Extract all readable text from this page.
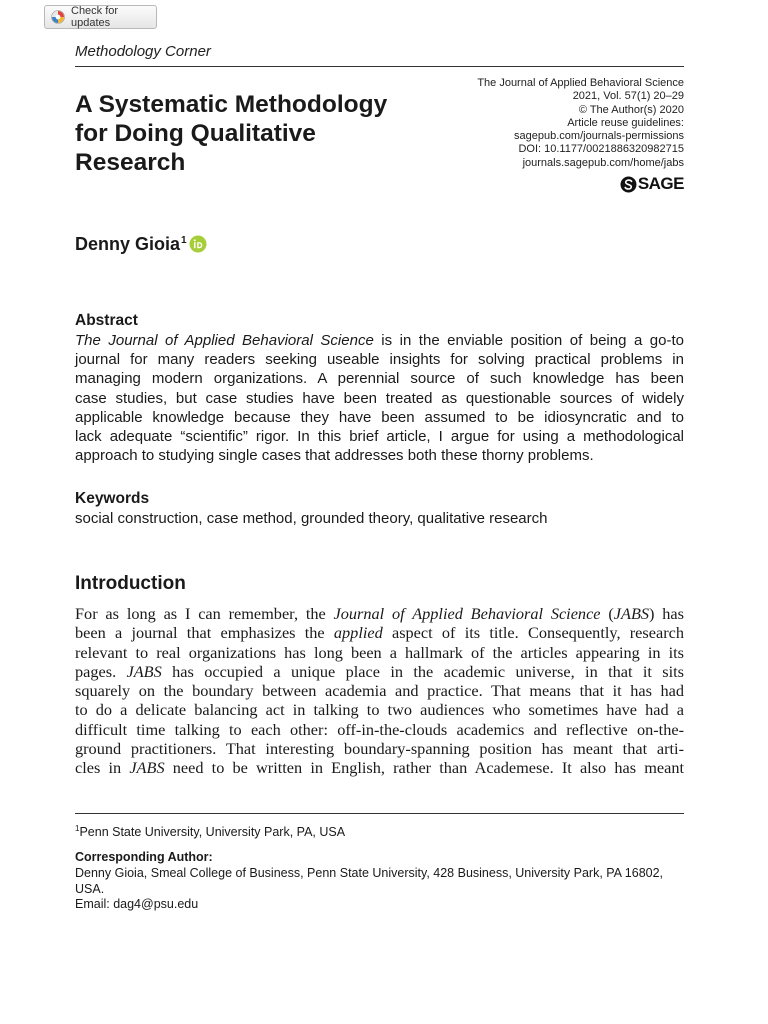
Check for updates
Methodology Corner
A Systematic Methodology
for Doing Qualitative
Research
The Journal of Applied Behavioral Science
2021, Vol. 57(1) 20–29
© The Author(s) 2020
Article reuse guidelines:
sagepub.com/journals-permissions
DOI: 10.1177/0021886320982715
journals.sagepub.com/home/jabs
SAGE
Denny Gioia$^1$
Abstract
The Journal of Applied Behavioral Science is in the enviable position of being a go-to
journal for many readers seeking useable insights for solving practical problems in
managing modern organizations. A perennial source of such knowledge has been
case studies, but case studies have been treated as questionable sources of widely
applicable knowledge because they have been assumed to be idiosyncratic and to
lack adequate “scientific” rigor. In this brief article, I argue for using a methodological
approach to studying single cases that addresses both these thorny problems.
Keywords
social construction, case method, grounded theory, qualitative research
Introduction
For as long as I can remember, the Journal of Applied Behavioral Science (JABS) has
been a journal that emphasizes the applied aspect of its title. Consequently, research
relevant to real organizations has long been a hallmark of the articles appearing in its
pages. JABS has occupied a unique place in the academic universe, in that it sits
squarely on the boundary between academia and practice. That means that it has had
to do a delicate balancing act in talking to two audiences who sometimes have had a
difficult time talking to each other: off-in-the-clouds academics and reflective on-the-
ground practitioners. That interesting boundary-spanning position has meant that arti-
cles in JABS need to be written in English, rather than Academese. It also has meant
$^1$Penn State University, University Park, PA, USA
Corresponding Author:
Denny Gioia, Smeal College of Business, Penn State University, 428 Business, University Park, PA 16802,
USA.
Email: dag4@psu.edu
